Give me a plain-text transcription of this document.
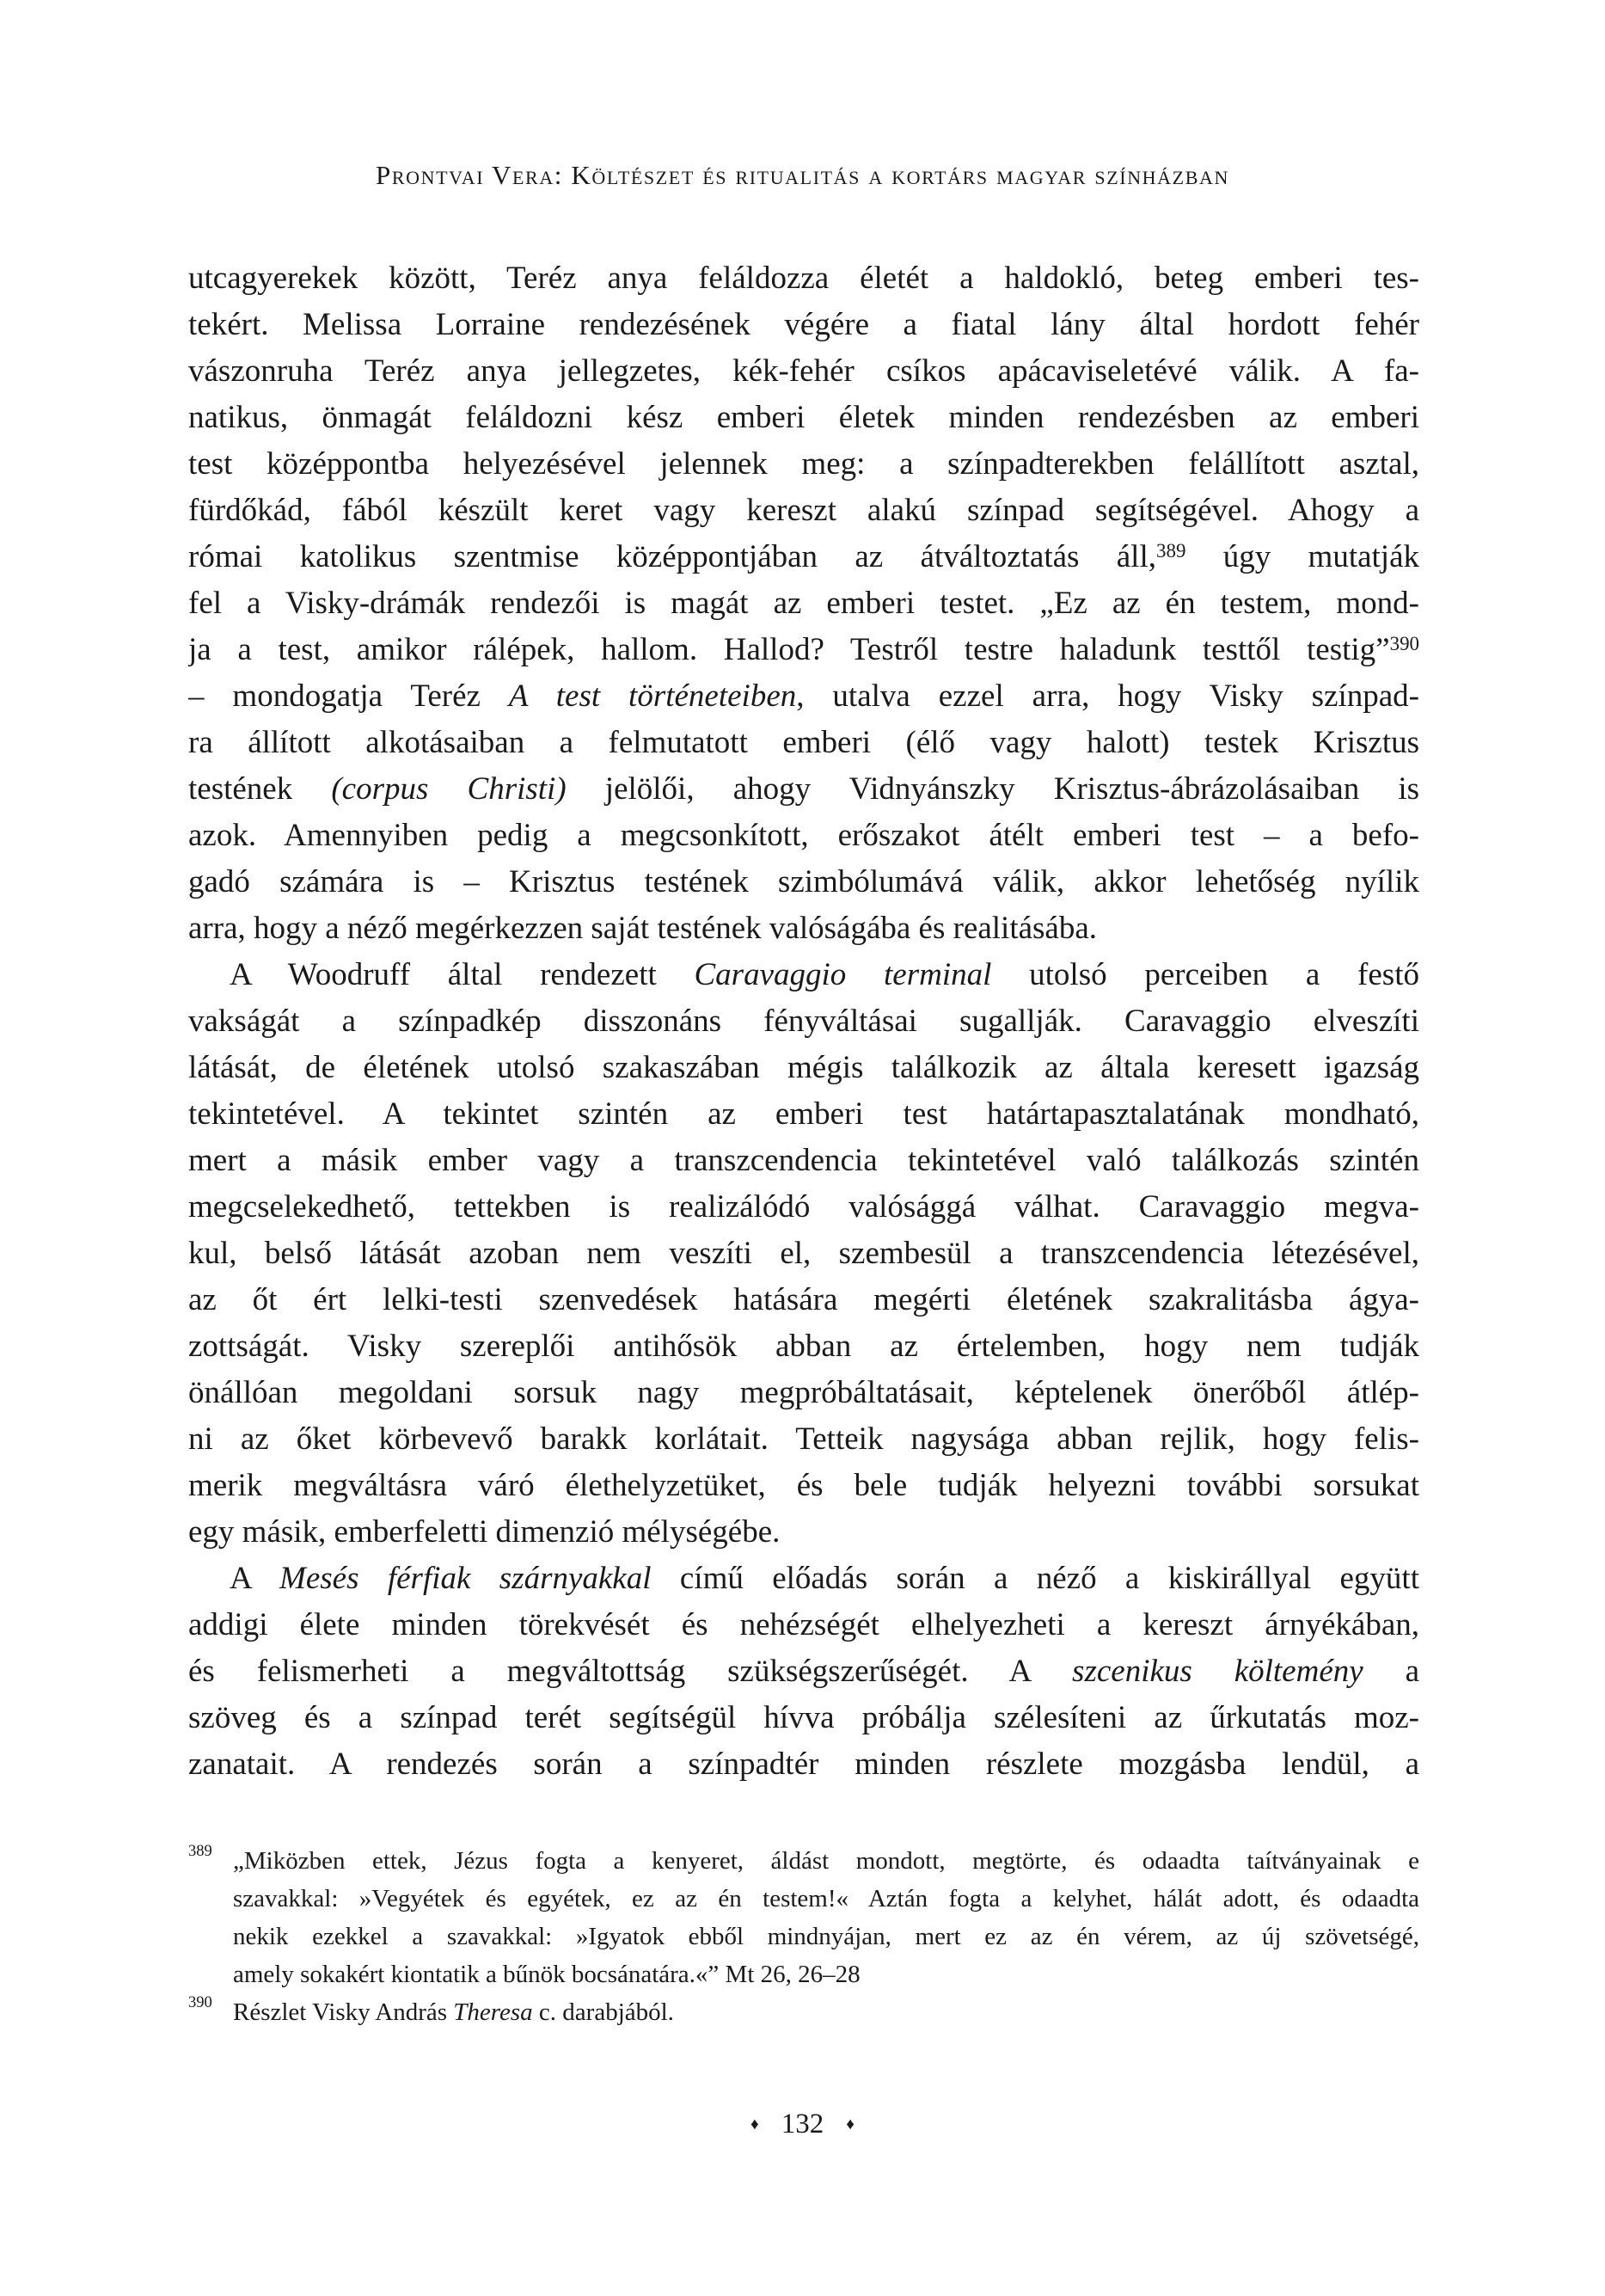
Prontvai Vera: Költészet és ritualitás a kortárs magyar színházban
utcagyerekek között, Teréz anya feláldozza életét a haldokló, beteg emberi tes-
tekért. Melissa Lorraine rendezésének végére a fiatal lány által hordott fehér
vászonruha Teréz anya jellegzetes, kék-fehér csíkos apácaviseletévé válik. A fa-
natikus, önmagát feláldozni kész emberi életek minden rendezésben az emberi
test középpontba helyezésével jelennek meg: a színpadterekben felállított asztal,
fürdőkád, fából készült keret vagy kereszt alakú színpad segítségével. Ahogy a
római katolikus szentmise középpontjában az átváltoztatás áll,$^{389}$ úgy mutatják
fel a Visky-drámák rendezői is magát az emberi testet. „Ez az én testem, mond-
ja a test, amikor rálépek, hallom. Hallod? Testről testre haladunk testtől testig”$^{390}$
– mondogatja Teréz A test történeteiben, utalva ezzel arra, hogy Visky színpad-
ra állított alkotásaiban a felmutatott emberi (élő vagy halott) testek Krisztus
testének (corpus Christi) jelölői, ahogy Vidnyánszky Krisztus-ábrázolásaiban is
azok. Amennyiben pedig a megcsonkított, erőszakot átélt emberi test – a befo-
gadó számára is – Krisztus testének szimbólumává válik, akkor lehetőség nyílik
arra, hogy a néző megérkezzen saját testének valóságába és realitásába.
A Woodruff által rendezett Caravaggio terminal utolsó perceiben a festő
vakságát a színpadkép disszonáns fényváltásai sugallják. Caravaggio elveszíti
látását, de életének utolsó szakaszában mégis találkozik az általa keresett igazság
tekintetével. A tekintet szintén az emberi test határtapasztalatának mondható,
mert a másik ember vagy a transzcendencia tekintetével való találkozás szintén
megcselekedhető, tettekben is realizálódó valósággá válhat. Caravaggio megva-
kul, belső látását azoban nem veszíti el, szembesül a transzcendencia létezésével,
az őt ért lelki-testi szenvedések hatására megérti életének szakralitásba ágya-
zottságát. Visky szereplői antihősök abban az értelemben, hogy nem tudják
önállóan megoldani sorsuk nagy megpróbáltatásait, képtelenek önerőből átlép-
ni az őket körbevevő barakk korlátait. Tetteik nagysága abban rejlik, hogy felis-
merik megváltásra váró élethelyzetüket, és bele tudják helyezni további sorsukat
egy másik, emberfeletti dimenzió mélységébe.
A Mesés férfiak szárnyakkal című előadás során a néző a kiskirállyal együtt
addigi élete minden törekvését és nehézségét elhelyezheti a kereszt árnyékában,
és felismerheti a megváltottság szükségszerűségét. A szcenikus költemény a
szöveg és a színpad terét segítségül hívva próbálja szélesíteni az űrkutatás moz-
zanatait. A rendezés során a színpadtér minden részlete mozgásba lendül, a
389 „Miközben ettek, Jézus fogta a kenyeret, áldást mondott, megtörte, és odaadta taítványainak e
szavakkal: »Vegyétek és egyétek, ez az én testem!« Aztán fogta a kelyhet, hálát adott, és odaadta
nekik ezekkel a szavakkal: »Igyatok ebből mindnyájan, mert ez az én vérem, az új szövetségé,
amely sokakért kiontatik a bűnök bocsánatára.«” Mt 26, 26–28
390 Részlet Visky András Theresa c. darabjából.
♦ 132 ♦
